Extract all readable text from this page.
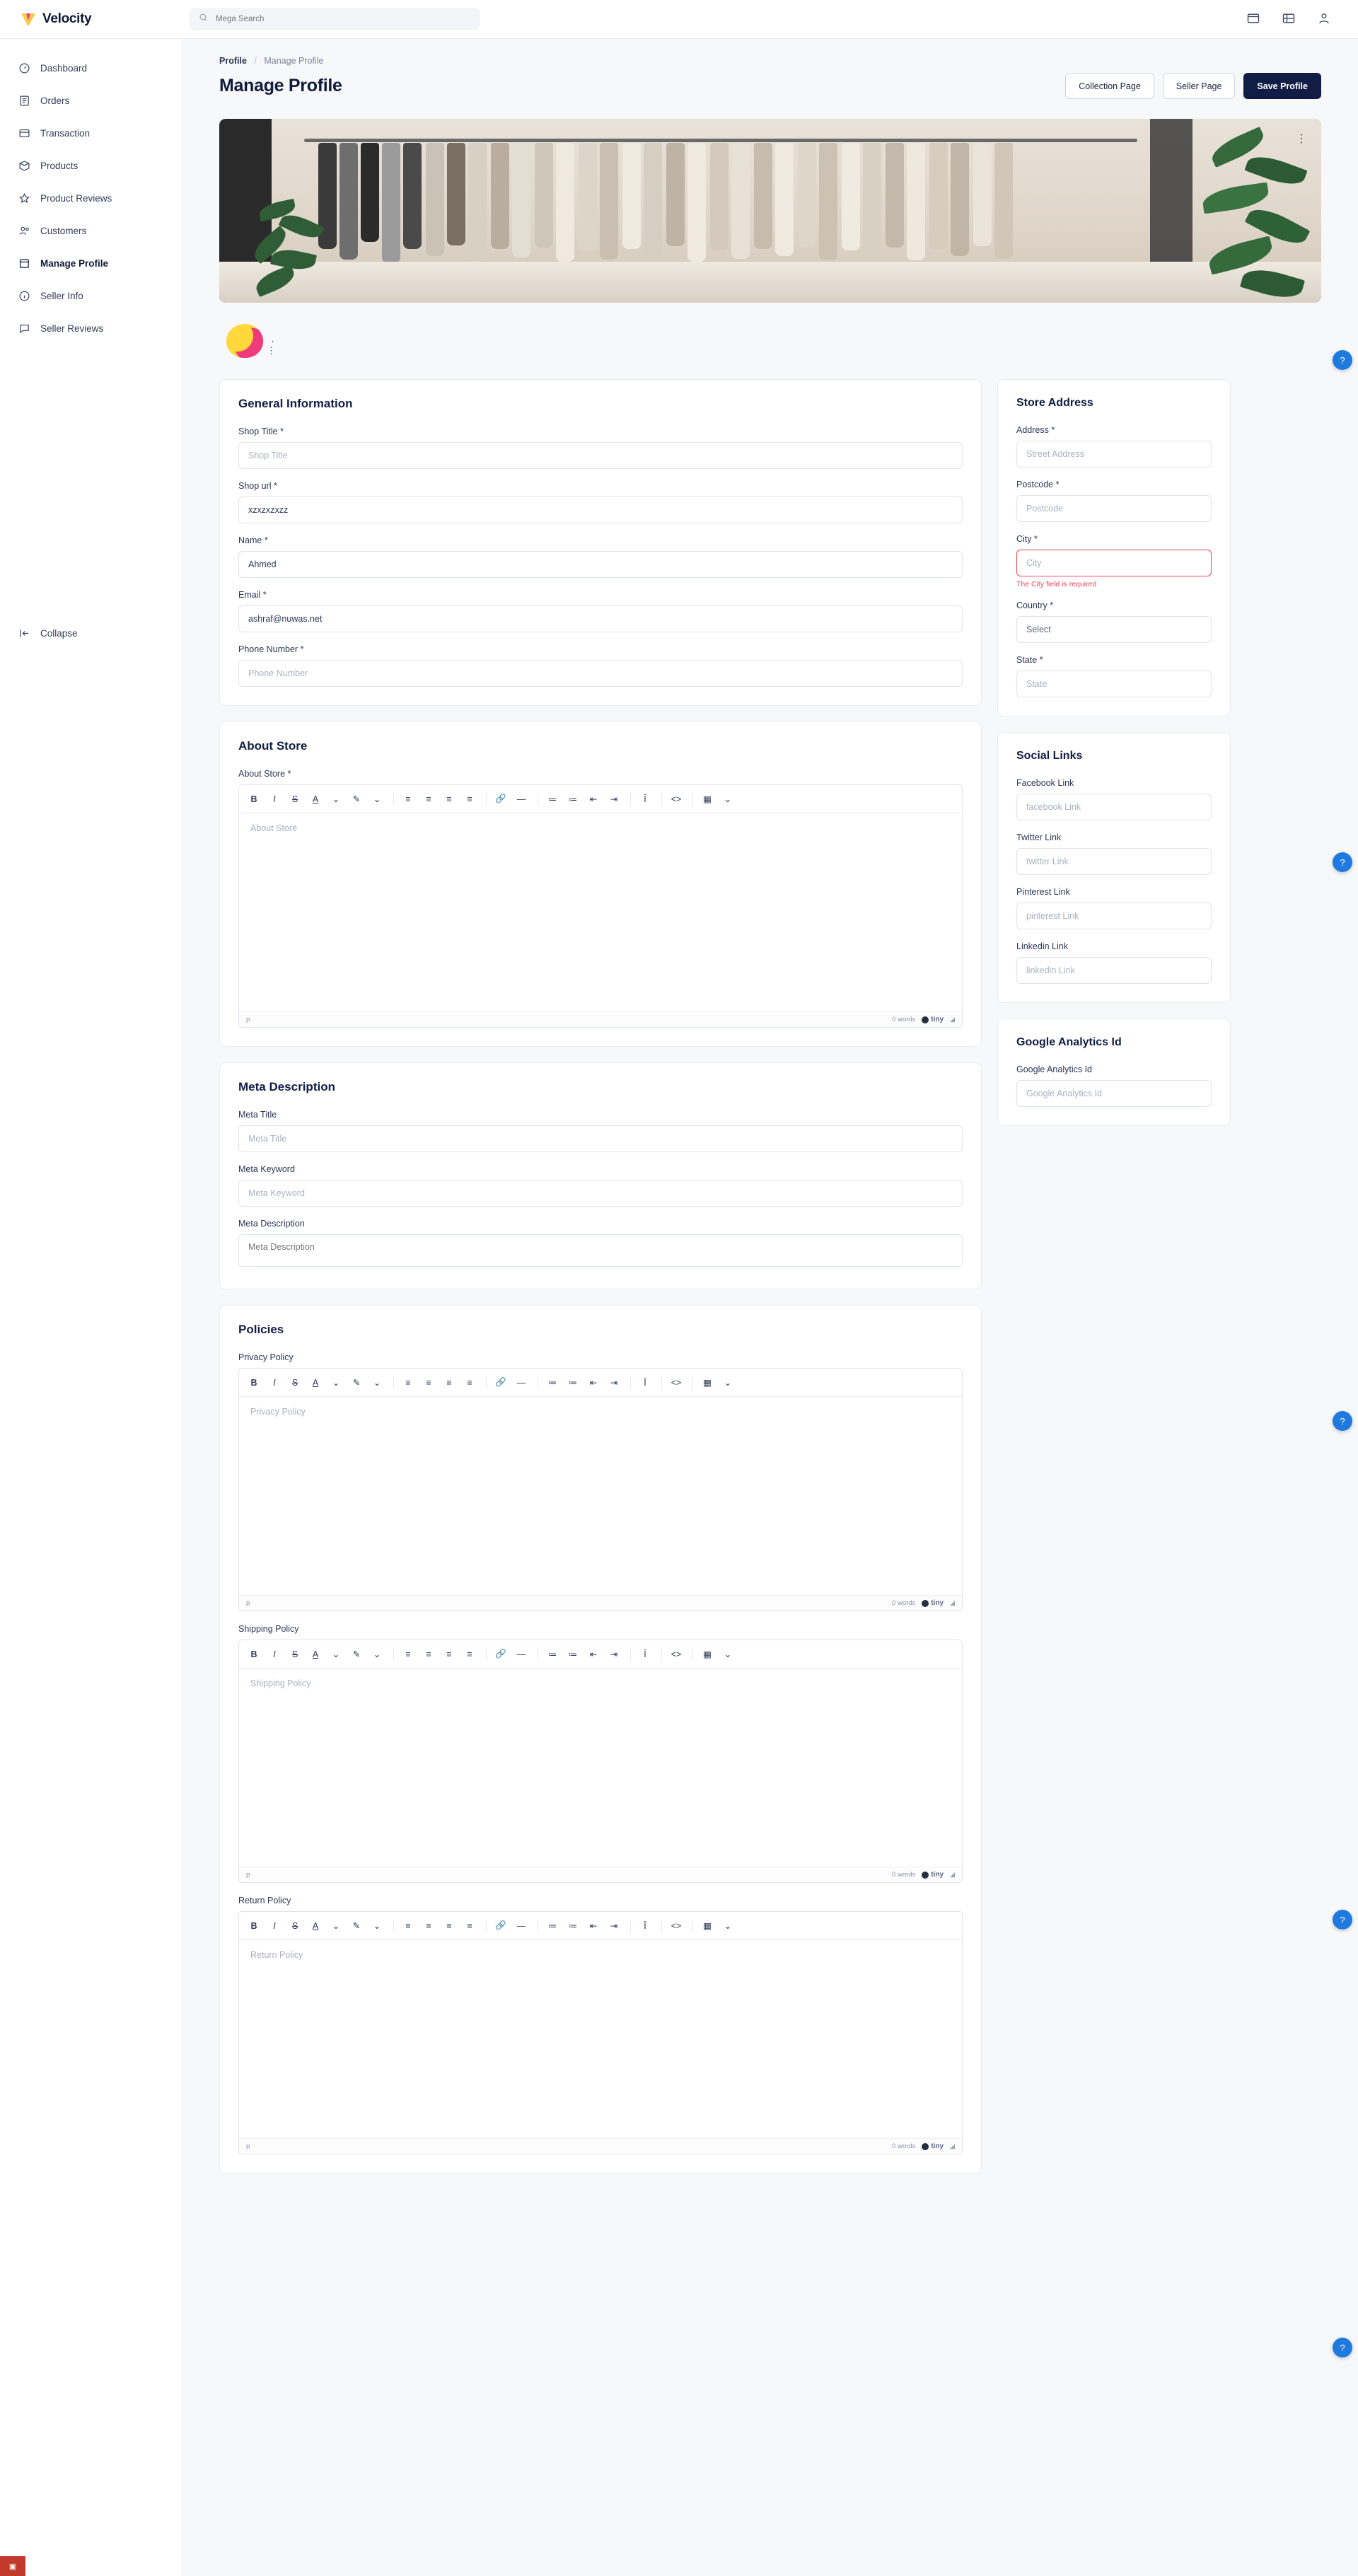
Velocity
Mega Search
Dashboard
Orders
Transaction
Products
Product Reviews
Customers
Manage Profile
Seller Info
Seller Reviews
Collapse
Profile / Manage Profile
Manage Profile	Collection Page	Seller Page	Save Profile
⋮
⋮
,
General Information
Shop Title *
Shop Title
Shop url *
xzxzxzxzz
Name *
Ahmed
Email *
ashraf@nuwas.net
Phone Number *
Phone Number
About Store
About Store *
B I S A	⌄	✎	⌄	≡	≡	≡	≡	🔗	—	≔	≔	⇤	⇥	Ī	<>	▦	⌄
About Store
p	0 words tiny ◢
Meta Description
Meta Title
Meta Title
Meta Keyword
Meta Keyword
Meta Description
Meta Description
Policies
Privacy Policy
B I S A	⌄	✎	⌄	≡	≡	≡	≡	🔗	—	≔	≔	⇤	⇥	Ī	<>	▦	⌄
Privacy Policy
p	0 words tiny ◢
Shipping Policy
B I S A	⌄	✎	⌄	≡	≡	≡	≡	🔗	—	≔	≔	⇤	⇥	Ī	<>	▦	⌄
Shipping Policy
p	0 words tiny ◢
Return Policy
B I S A	⌄	✎	⌄	≡	≡	≡	≡	🔗	—	≔	≔	⇤	⇥	Ī	<>	▦	⌄
Return Policy
p	0 words tiny ◢
Store Address
Address *
Street Address
Postcode *
Postcode
City *
City
The City field is required
Country *
Select
State *
State
Social Links
Facebook Link
facebook Link
Twitter Link
twitter Link
Pinterest Link
pinterest Link
Linkedin Link
linkedin Link
Google Analytics Id
Google Analytics Id
Google Analytics Id
?
?
?
?
?
▣
